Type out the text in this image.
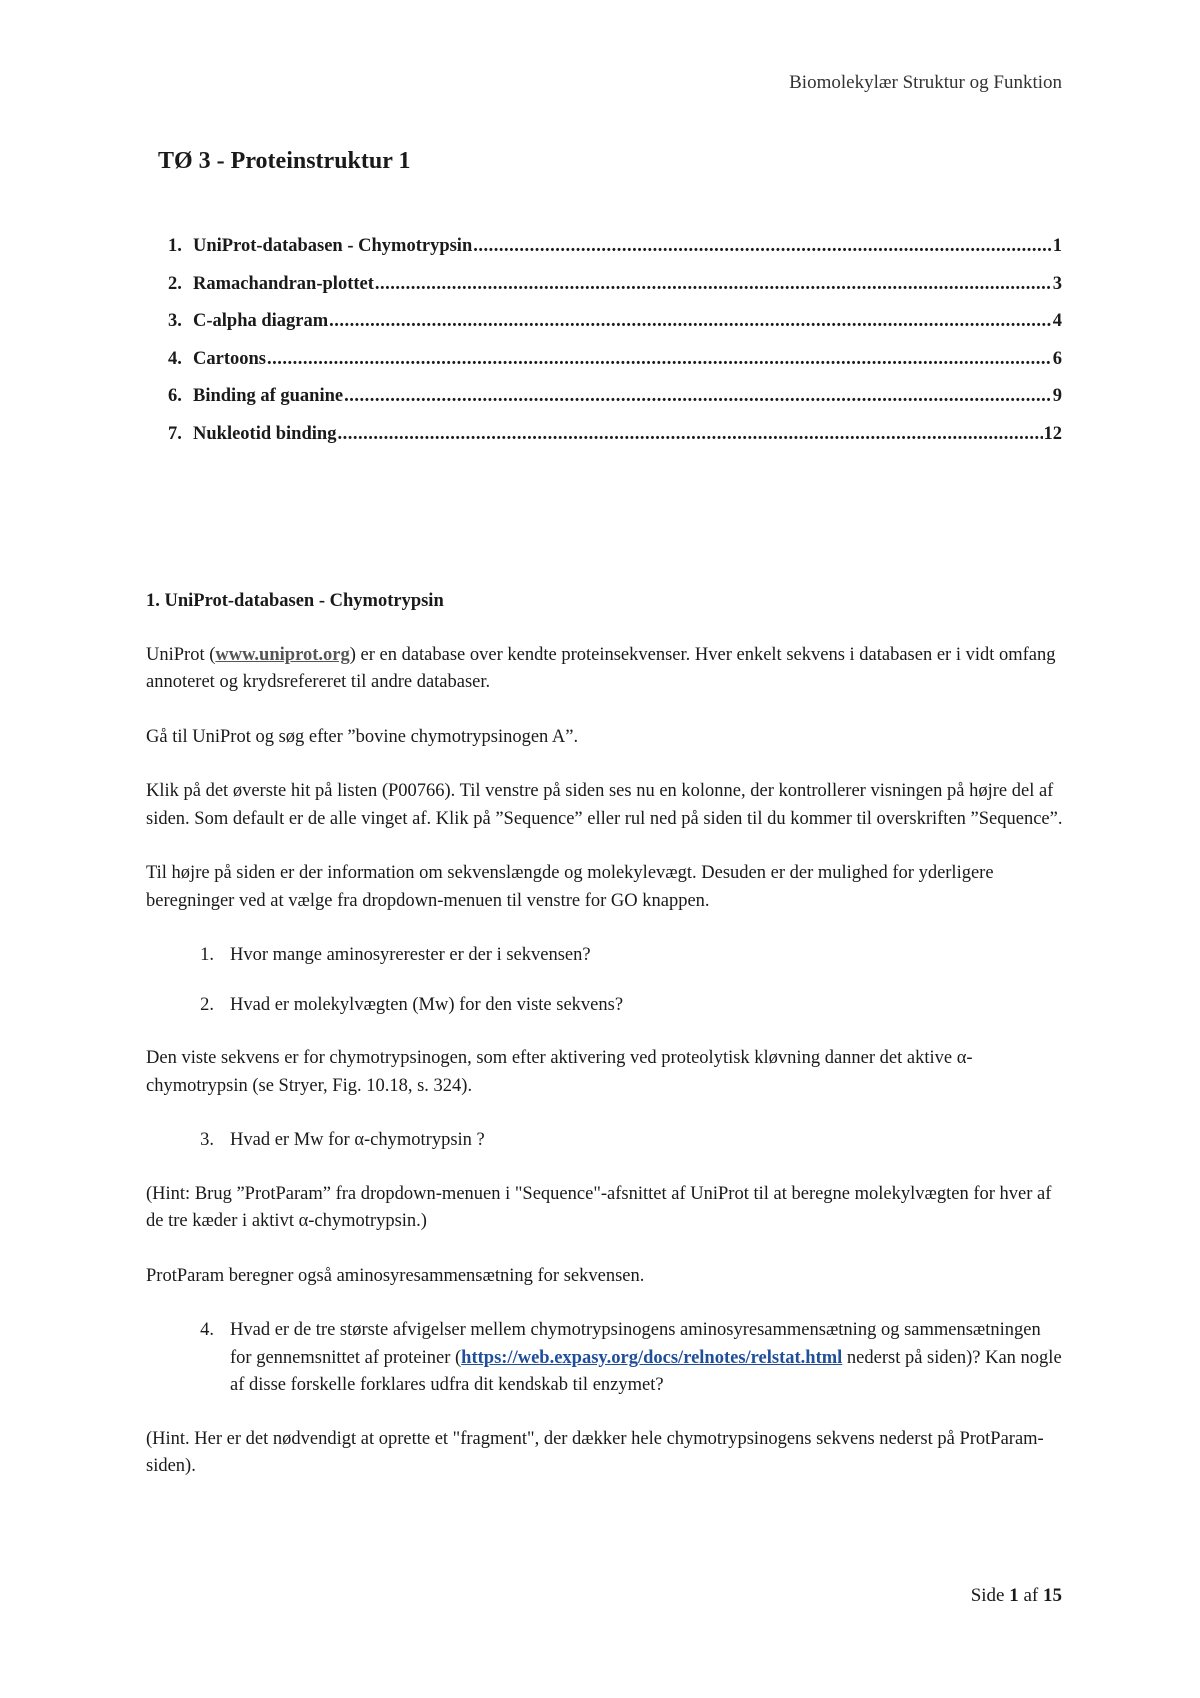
Biomolekylær Struktur og Funktion
TØ 3 - Proteinstruktur 1
1. UniProt-databasen - Chymotrypsin .....	1
2. Ramachandran-plottet .....	3
3. C-alpha diagram .....	4
4. Cartoons .....	6
6. Binding af guanine .....	9
7. Nukleotid binding .....	12
1. UniProt-databasen - Chymotrypsin

UniProt (www.uniprot.org) er en database over kendte proteinsekvenser. Hver enkelt sekvens i databasen er i vidt omfang annoteret og krydsrefereret til andre databaser.

Gå til UniProt og søg efter ”bovine chymotrypsinogen A”.

Klik på det øverste hit på listen (P00766). Til venstre på siden ses nu en kolonne, der kontrollerer visningen på højre del af siden. Som default er de alle vinget af. Klik på ”Sequence” eller rul ned på siden til du kommer til overskriften ”Sequence”.

Til højre på siden er der information om sekvenslængde og molekylevægt. Desuden er der mulighed for yderligere beregninger ved at vælge fra dropdown-menuen til venstre for GO knappen.

1. Hvor mange aminosyrerester er der i sekvensen?
2. Hvad er molekylvægten (Mw) for den viste sekvens?

Den viste sekvens er for chymotrypsinogen, som efter aktivering ved proteolytisk kløvning danner det aktive α-chymotrypsin (se Stryer, Fig. 10.18, s. 324).

3. Hvad er Mw for α-chymotrypsin ?

(Hint: Brug ”ProtParam” fra dropdown-menuen i "Sequence"-afsnittet af UniProt til at beregne molekylvægten for hver af de tre kæder i aktivt α-chymotrypsin.)

ProtParam beregner også aminosyresammensætning for sekvensen.

4. Hvad er de tre største afvigelser mellem chymotrypsinogens aminosyresammensætning og sammensætningen for gennemsnittet af proteiner (https://web.expasy.org/docs/relnotes/relstat.html nederst på siden)? Kan nogle af disse forskelle forklares udfra dit kendskab til enzymet?

(Hint. Her er det nødvendigt at oprette et "fragment", der dækker hele chymotrypsinogens sekvens nederst på ProtParam-siden).

Side 1 af 15
